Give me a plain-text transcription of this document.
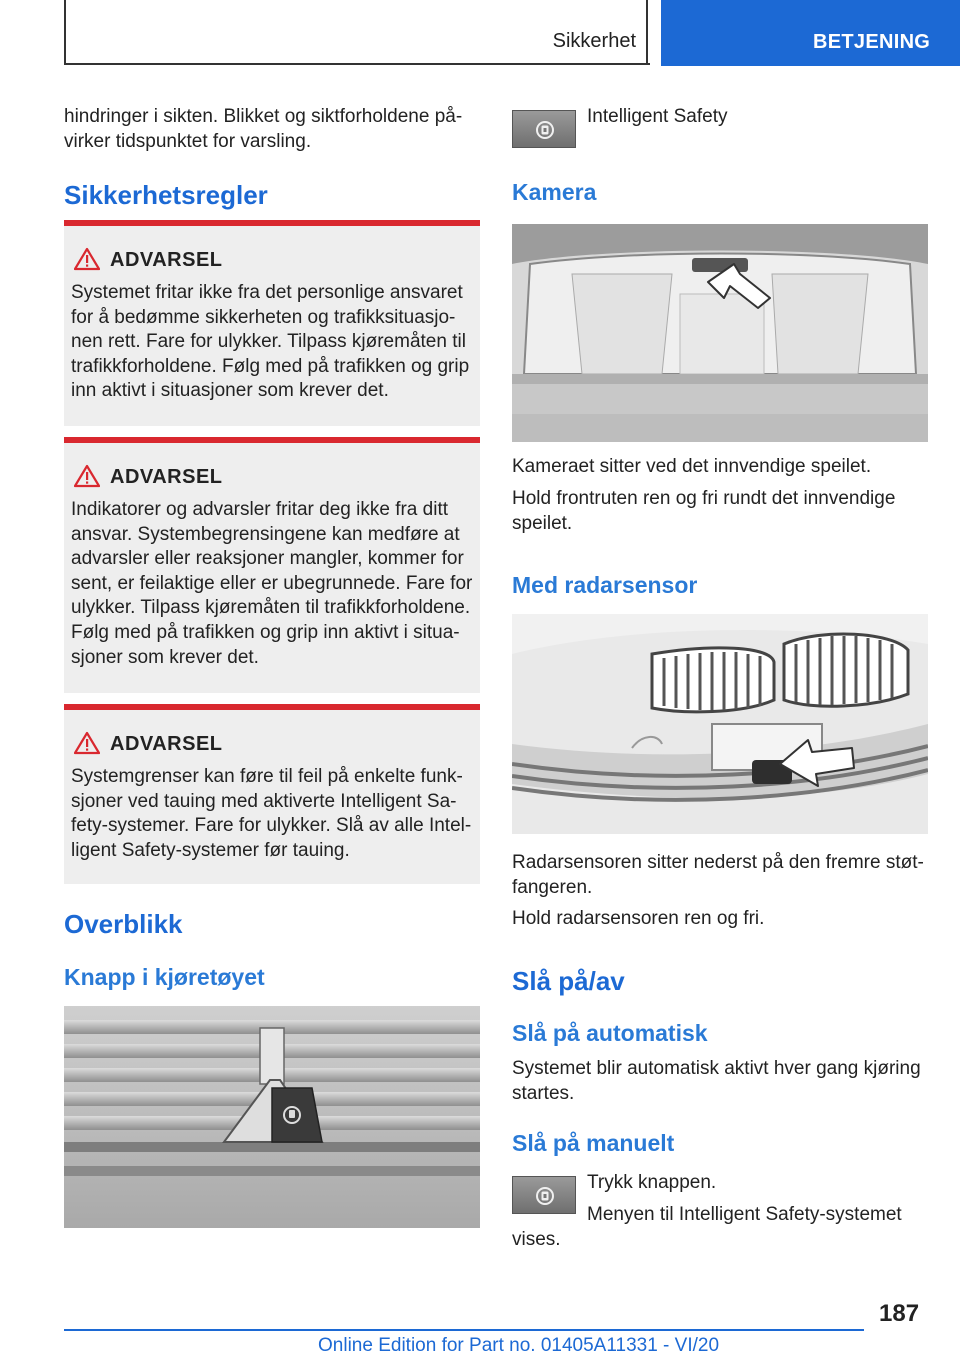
Sikkerhet	BETJENING

hindringer i sikten. Blikket og siktforholdene på-virker tidspunktet for varsling.

Sikkerhetsregler
ADVARSEL
Systemet fritar ikke fra det personlige ansvaret for å bedømme sikkerheten og trafikksituasjo-nen rett. Fare for ulykker. Tilpass kjøremåten til trafikkforholdene. Følg med på trafikken og grip inn aktivt i situasjoner som krever det.
ADVARSEL
Indikatorer og advarsler fritar deg ikke fra ditt ansvar. Systembegrensingene kan medføre at advarsler eller reaksjoner mangler, kommer for sent, er feilaktige eller er ubegrunnede. Fare for ulykker. Tilpass kjøremåten til trafikkforholdene. Følg med på trafikken og grip inn aktivt i situa-sjoner som krever det.
ADVARSEL
Systemgrenser kan føre til feil på enkelte funk-sjoner ved tauing med aktiverte Intelligent Sa-fety-systemer. Fare for ulykker. Slå av alle Intel-ligent Safety-systemer før tauing.
Overblikk
Knapp i kjøretøyet

Intelligent Safety

Kamera

Kameraet sitter ved det innvendige speilet.

Hold frontruten ren og fri rundt det innvendige speilet.

Med radarsensor

Radarsensoren sitter nederst på den fremre støt-fangeren.

Hold radarsensoren ren og fri.

Slå på/av
Slå på automatisk

Systemet blir automatisk aktivt hver gang kjøring startes.

Slå på manuelt

Trykk knappen.

Menyen til Intelligent Safety-systemet vises.

187
Online Edition for Part no. 01405A11331 - VI/20
